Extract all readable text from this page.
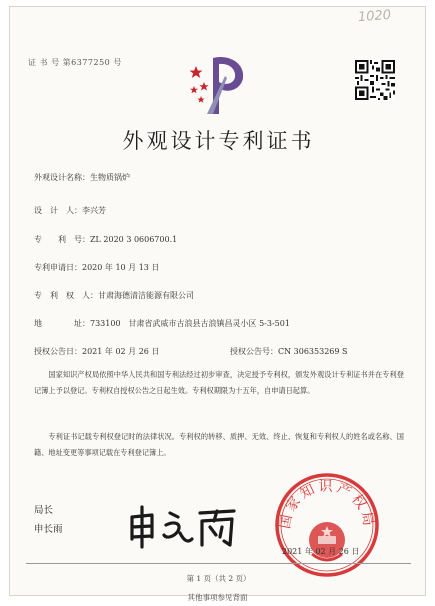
1020
证 书 号 第6377250 号
外观设计专利证书
外观设计名称：生物质锅炉
设　计　人：李兴芳
专　　利　号：ZL 2020 3 0606700.1
专利申请日：2020 年 10 月 13 日
专　利　权　人：甘肃海德清洁能源有限公司
地　　　　址：733100　甘肃省武威市古浪县古浪镇昌灵小区 5-3-501
授权公告日：2021 年 02 月 26 日	授权公告号：CN 306353269 S
国家知识产权局依照中华人民共和国专利法经过初步审查，决定授予专利权，颁发外观设计专利证书并在专利登记簿上予以登记。专利权自授权公告之日起生效。专利权期限为十五年，自申请日起算。
专利证书记载专利权登记时的法律状况。专利权的转移、质押、无效、终止、恢复和专利权人的姓名或名称、国籍、地址变更等事项记载在专利登记簿上。
局长
申长雨	国家知识产权局
2021 年 02 月 26 日
第 1 页（共 2 页）
其他事项参见背面
